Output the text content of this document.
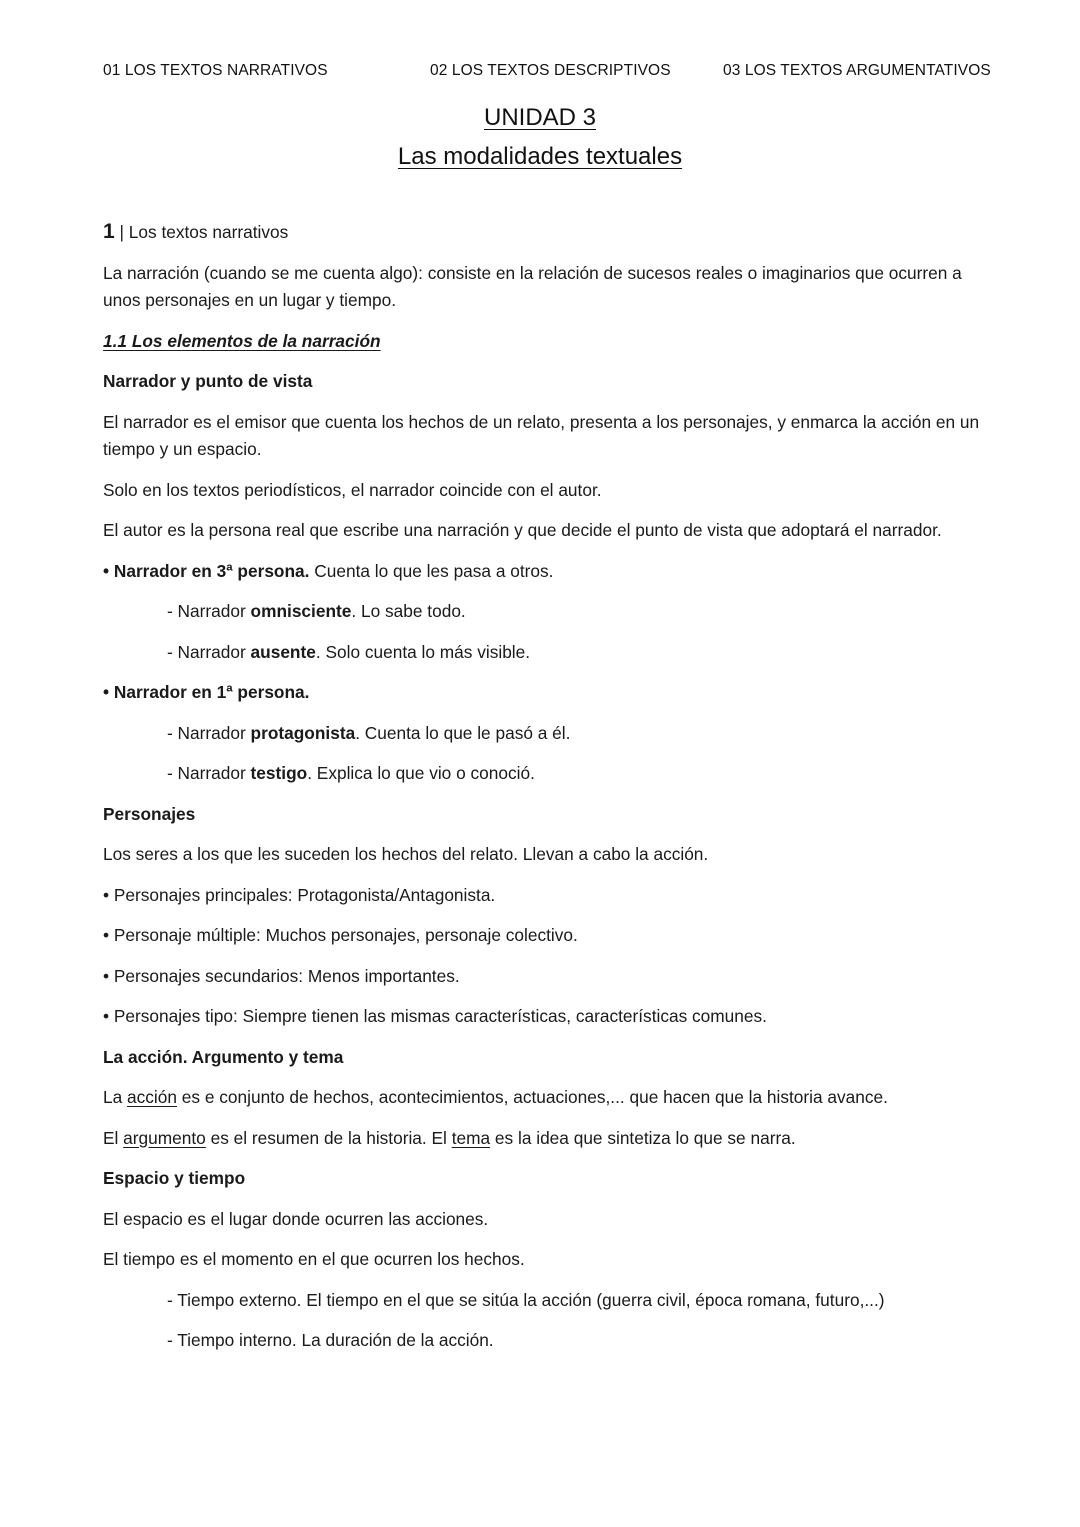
01 LOS TEXTOS NARRATIVOS	02 LOS TEXTOS DESCRIPTIVOS	03 LOS TEXTOS ARGUMENTATIVOS
UNIDAD 3
Las modalidades textuales

1 | Los textos narrativos

La narración (cuando se me cuenta algo): consiste en la relación de sucesos reales o imaginarios que ocurren a unos personajes en un lugar y tiempo.

1.1 Los elementos de la narración

Narrador y punto de vista

El narrador es el emisor que cuenta los hechos de un relato, presenta a los personajes, y enmarca la acción en un tiempo y un espacio.

Solo en los textos periodísticos, el narrador coincide con el autor.

El autor es la persona real que escribe una narración y que decide el punto de vista que adoptará el narrador.

• Narrador en 3ª persona. Cuenta lo que les pasa a otros.

- Narrador omnisciente. Lo sabe todo.

- Narrador ausente. Solo cuenta lo más visible.

• Narrador en 1ª persona.

- Narrador protagonista. Cuenta lo que le pasó a él.

- Narrador testigo. Explica lo que vio o conoció.

Personajes

Los seres a los que les suceden los hechos del relato. Llevan a cabo la acción.

• Personajes principales: Protagonista/Antagonista.

• Personaje múltiple: Muchos personajes, personaje colectivo.

• Personajes secundarios: Menos importantes.

• Personajes tipo: Siempre tienen las mismas características, características comunes.

La acción. Argumento y tema

La acción es e conjunto de hechos, acontecimientos, actuaciones,... que hacen que la historia avance.

El argumento es el resumen de la historia. El tema es la idea que sintetiza lo que se narra.

Espacio y tiempo

El espacio es el lugar donde ocurren las acciones.

El tiempo es el momento en el que ocurren los hechos.

- Tiempo externo. El tiempo en el que se sitúa la acción (guerra civil, época romana, futuro,...)

- Tiempo interno. La duración de la acción.
